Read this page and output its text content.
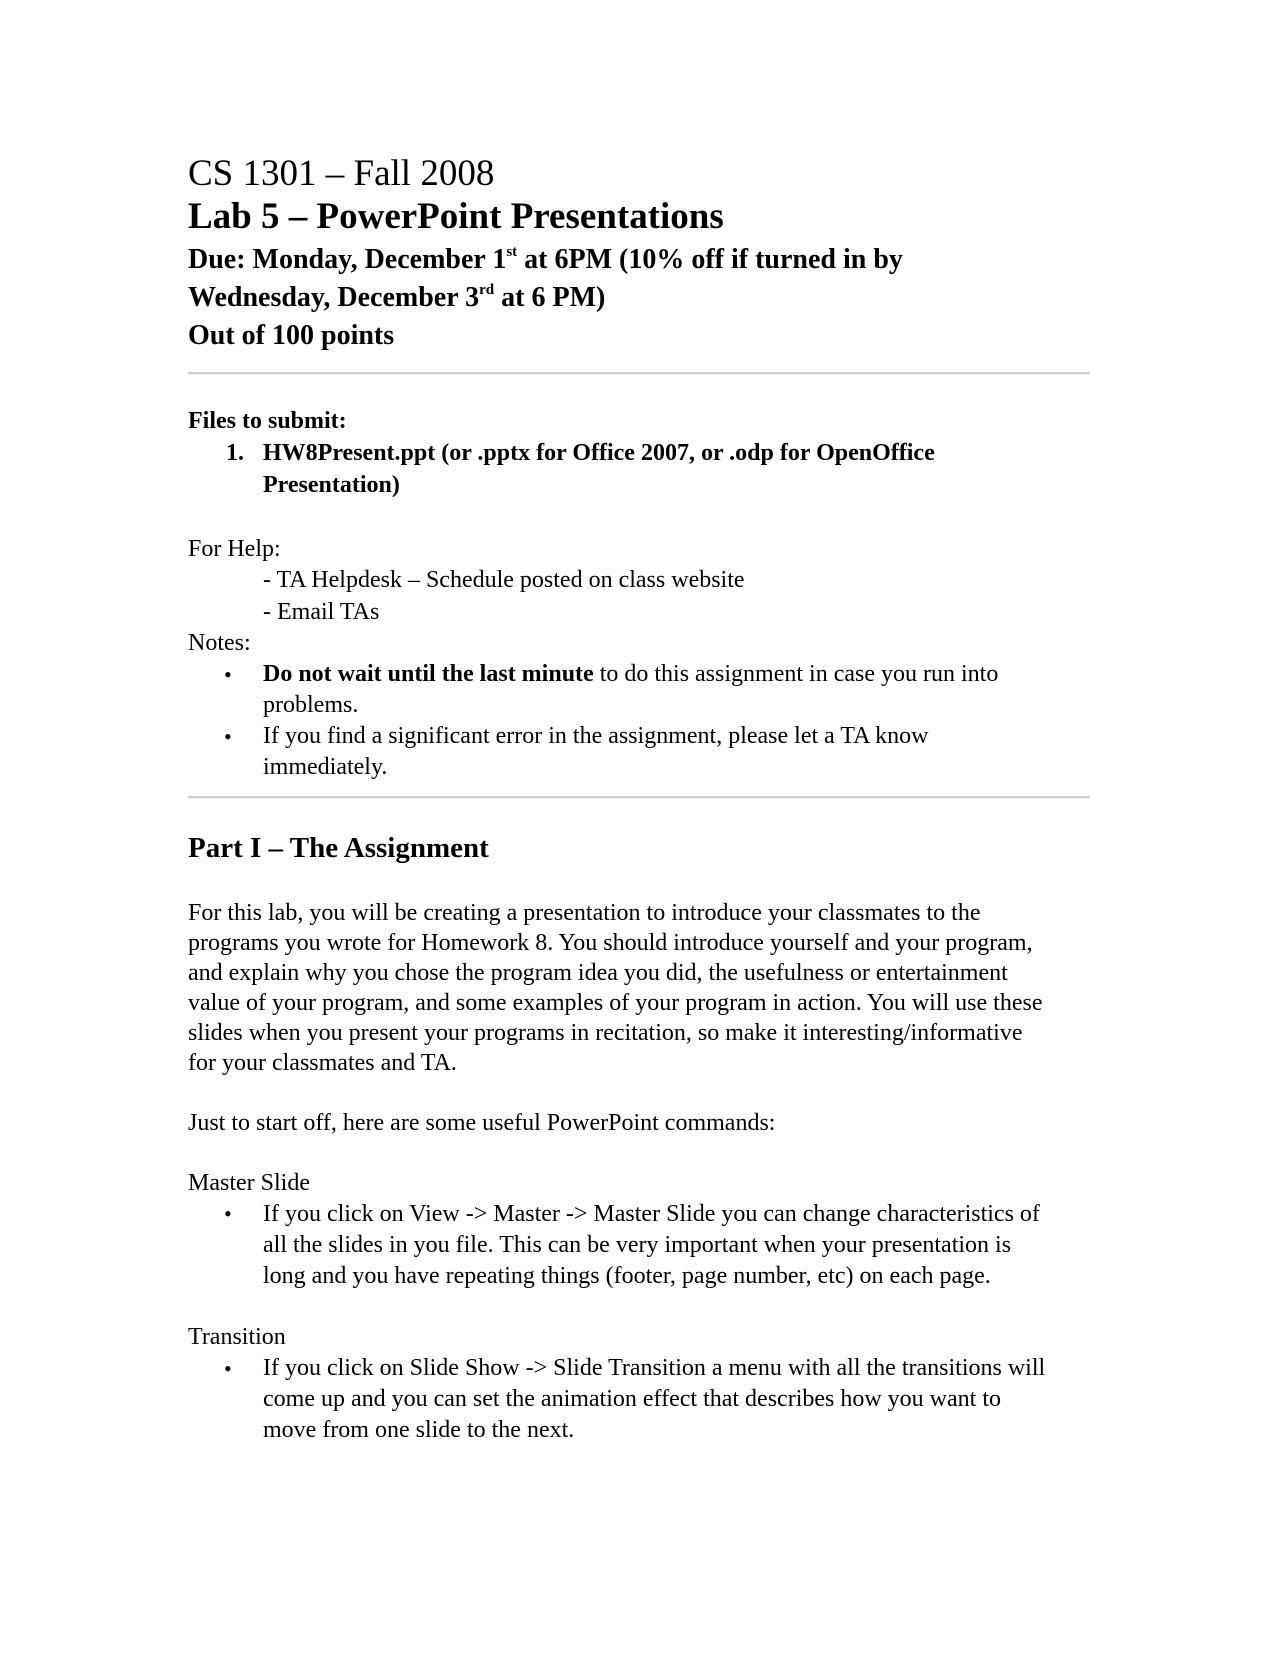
CS 1301 – Fall 2008
Lab 5 – PowerPoint Presentations
Due: Monday, December 1st at 6PM (10% off if turned in by
Wednesday, December 3rd at 6 PM)
Out of 100 points
Files to submit:
1. HW8Present.ppt (or .pptx for Office 2007, or .odp for OpenOffice
Presentation)
For Help:
- TA Helpdesk – Schedule posted on class website
- Email TAs
Notes:
• Do not wait until the last minute to do this assignment in case you run into
problems.
• If you find a significant error in the assignment, please let a TA know
immediately.
Part I – The Assignment
For this lab, you will be creating a presentation to introduce your classmates to the
programs you wrote for Homework 8. You should introduce yourself and your program,
and explain why you chose the program idea you did, the usefulness or entertainment
value of your program, and some examples of your program in action. You will use these
slides when you present your programs in recitation, so make it interesting/informative
for your classmates and TA.
Just to start off, here are some useful PowerPoint commands:
Master Slide
• If you click on View -> Master -> Master Slide you can change characteristics of
all the slides in you file. This can be very important when your presentation is
long and you have repeating things (footer, page number, etc) on each page.
Transition
• If you click on Slide Show -> Slide Transition a menu with all the transitions will
come up and you can set the animation effect that describes how you want to
move from one slide to the next.
